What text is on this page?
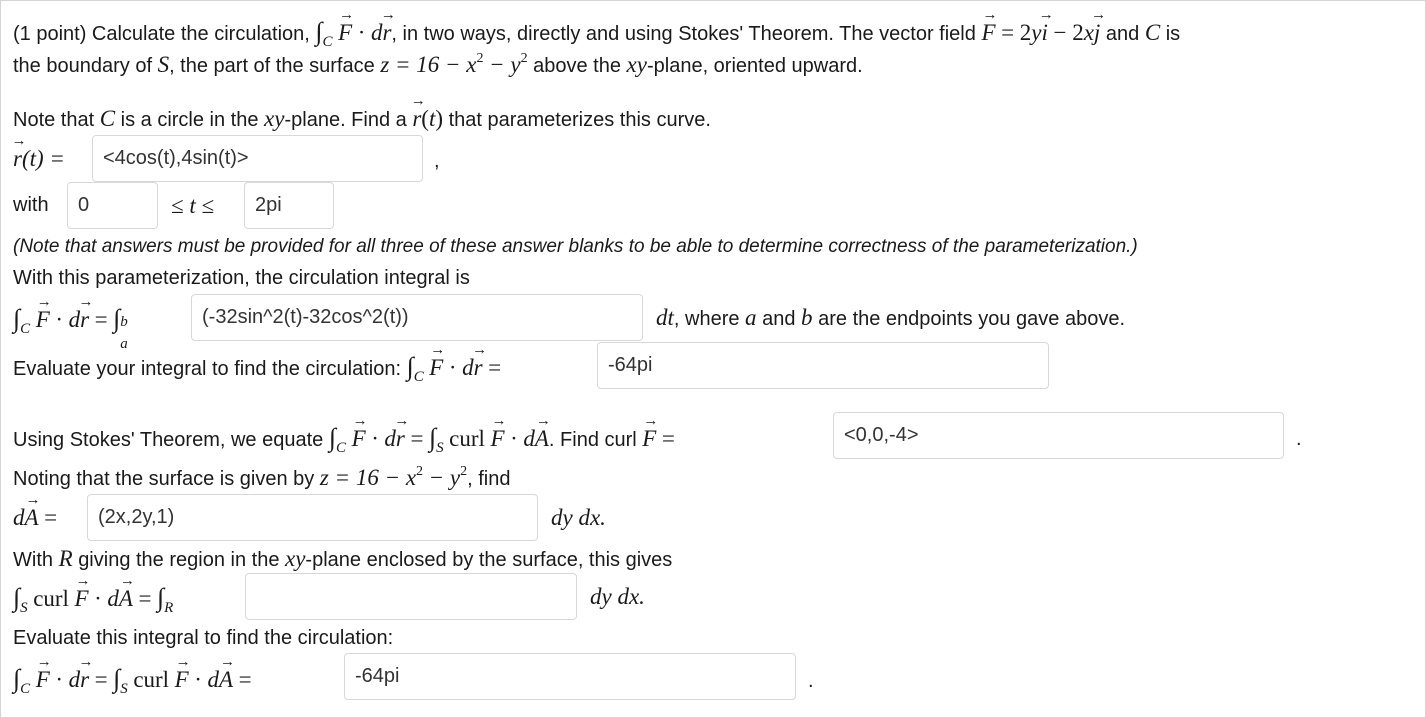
(1 point) Calculate the circulation, $\int_C$ F → · dr →, in two ways, directly and using Stokes' Theorem. The vector field F → = 2yi → − 2xj → and C is
the boundary of S, the part of the surface $z = 16 - x^2 - y^2$ above the xy-plane, oriented upward.
Note that C is a circle in the xy-plane. Find a r →(t) that parameterizes this curve.
r →(t) =	<4cos(t),4sin(t)>	,
with	0	≤ t ≤	2pi
(Note that answers must be provided for all three of these answer blanks to be able to determine correctness of the parameterization.)
With this parameterization, the circulation integral is
$\int_C$ F → · dr → = ∫ b
a
(-32sin^2(t)-32cos^2(t))	dt, where a and b are the endpoints you gave above.
Evaluate your integral to find the circulation: $\int_C$ F → · dr → =	-64pi
Using Stokes' Theorem, we equate $\int_C$ F → · dr → = $\int_S$ curl F → · dA →. Find curl F → =	<0,0,-4>	.
Noting that the surface is given by $z = 16 - x^2 - y^2$, find
dA → =	(2x,2y,1)	dy dx.
With R giving the region in the xy-plane enclosed by the surface, this gives
$\int_S$ curl F → · dA → = $\int_R$	dy dx.
Evaluate this integral to find the circulation:
$\int_C$ F → · dr → = $\int_S$ curl F → · dA → =	-64pi	.
